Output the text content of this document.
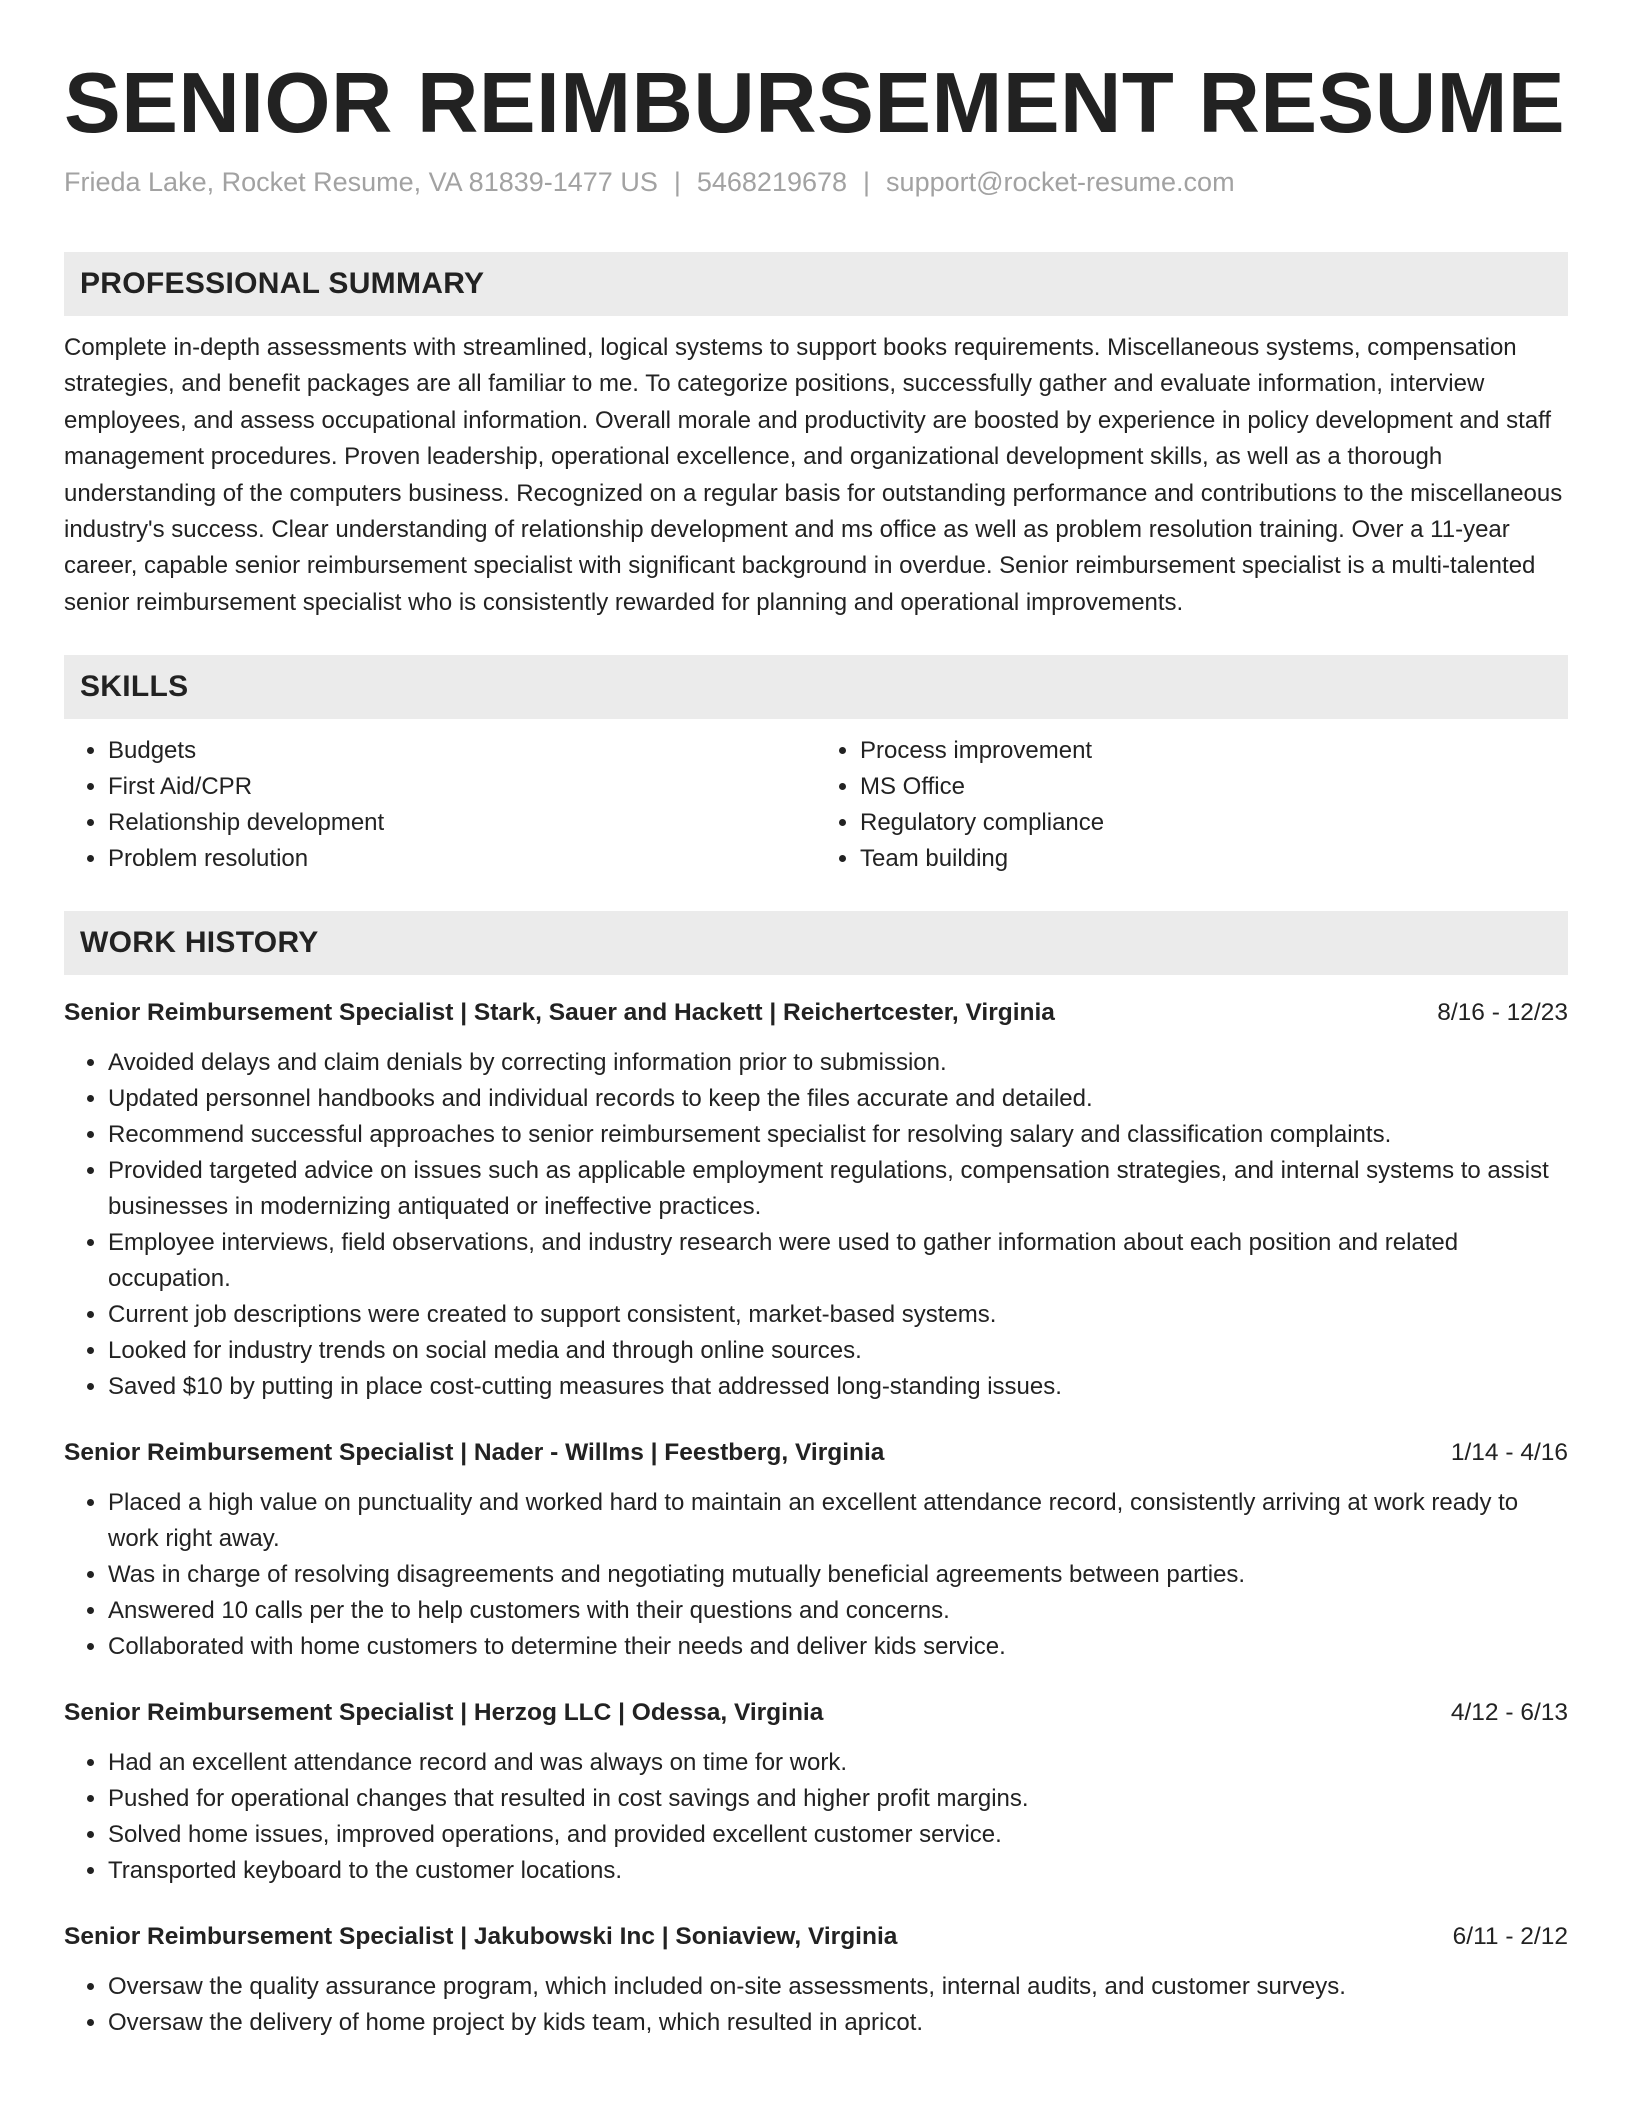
SENIOR REIMBURSEMENT RESUME
Frieda Lake, Rocket Resume, VA 81839-1477 US | 5468219678 | support@rocket-resume.com
PROFESSIONAL SUMMARY
Complete in-depth assessments with streamlined, logical systems to support books requirements. Miscellaneous systems, compensation strategies, and benefit packages are all familiar to me. To categorize positions, successfully gather and evaluate information, interview employees, and assess occupational information. Overall morale and productivity are boosted by experience in policy development and staff management procedures. Proven leadership, operational excellence, and organizational development skills, as well as a thorough understanding of the computers business. Recognized on a regular basis for outstanding performance and contributions to the miscellaneous industry's success. Clear understanding of relationship development and ms office as well as problem resolution training. Over a 11-year career, capable senior reimbursement specialist with significant background in overdue. Senior reimbursement specialist is a multi-talented senior reimbursement specialist who is consistently rewarded for planning and operational improvements.
SKILLS
• Budgets
• First Aid/CPR
• Relationship development
• Problem resolution
• Process improvement
• MS Office
• Regulatory compliance
• Team building
WORK HISTORY
Senior Reimbursement Specialist | Stark, Sauer and Hackett | Reichertcester, Virginia	8/16 - 12/23
• Avoided delays and claim denials by correcting information prior to submission.
• Updated personnel handbooks and individual records to keep the files accurate and detailed.
• Recommend successful approaches to senior reimbursement specialist for resolving salary and classification complaints.
• Provided targeted advice on issues such as applicable employment regulations, compensation strategies, and internal systems to assist businesses in modernizing antiquated or ineffective practices.
• Employee interviews, field observations, and industry research were used to gather information about each position and related occupation.
• Current job descriptions were created to support consistent, market-based systems.
• Looked for industry trends on social media and through online sources.
• Saved $10 by putting in place cost-cutting measures that addressed long-standing issues.
Senior Reimbursement Specialist | Nader - Willms | Feestberg, Virginia	1/14 - 4/16
• Placed a high value on punctuality and worked hard to maintain an excellent attendance record, consistently arriving at work ready to work right away.
• Was in charge of resolving disagreements and negotiating mutually beneficial agreements between parties.
• Answered 10 calls per the to help customers with their questions and concerns.
• Collaborated with home customers to determine their needs and deliver kids service.
Senior Reimbursement Specialist | Herzog LLC | Odessa, Virginia	4/12 - 6/13
• Had an excellent attendance record and was always on time for work.
• Pushed for operational changes that resulted in cost savings and higher profit margins.
• Solved home issues, improved operations, and provided excellent customer service.
• Transported keyboard to the customer locations.
Senior Reimbursement Specialist | Jakubowski Inc | Soniaview, Virginia	6/11 - 2/12
• Oversaw the quality assurance program, which included on-site assessments, internal audits, and customer surveys.
• Oversaw the delivery of home project by kids team, which resulted in apricot.
